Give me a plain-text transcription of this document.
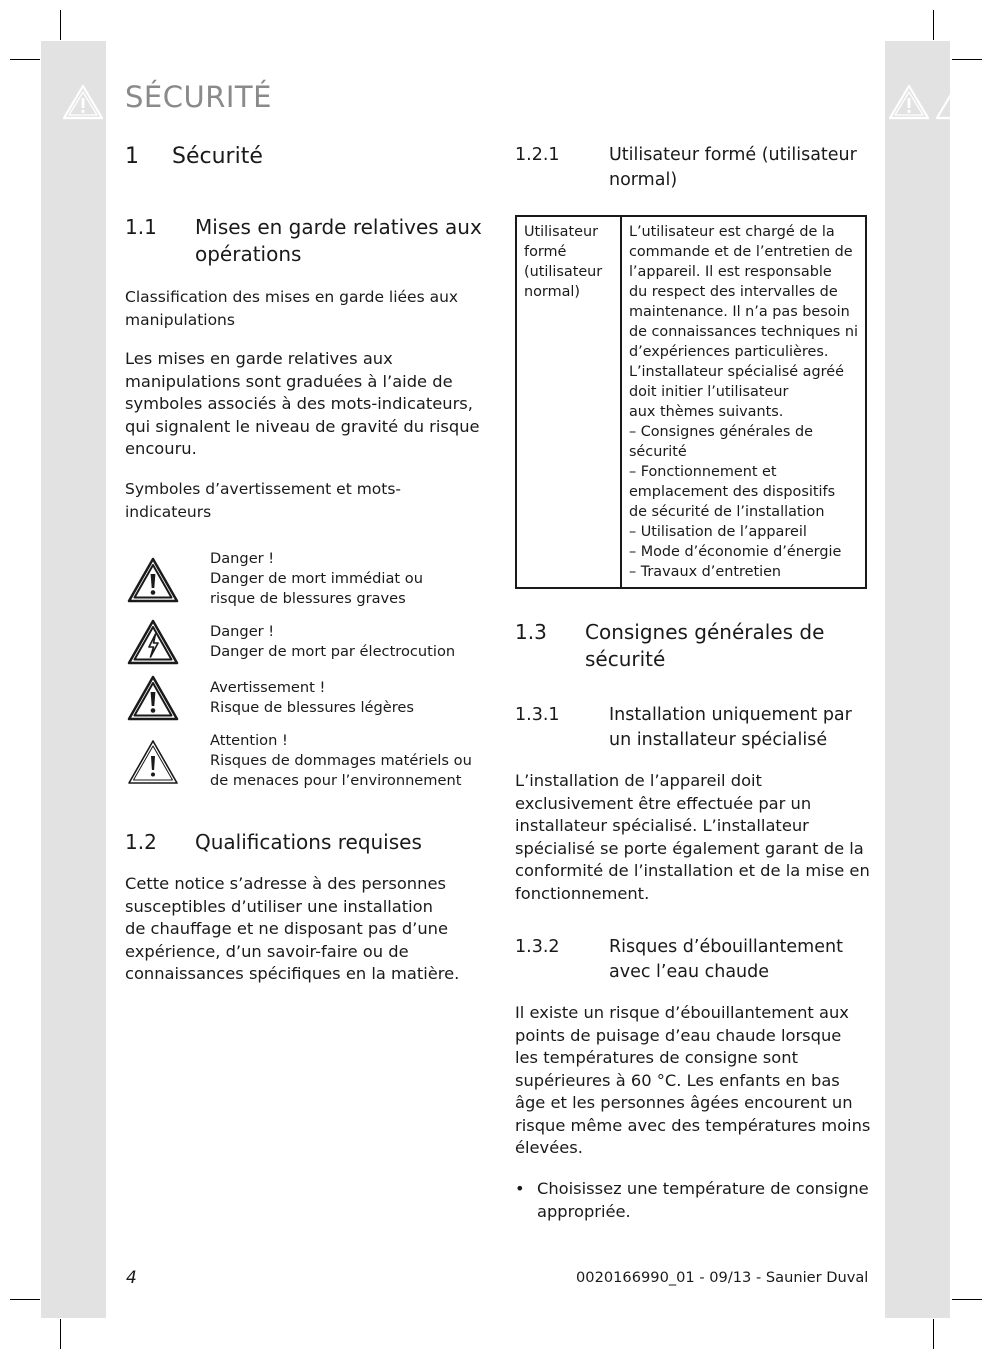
SÉCURITÉ
1 Sécurité
1.1 Mises en garde relatives aux
opérations
Classification des mises en garde liées aux
manipulations
Les mises en garde relatives aux
manipulations sont graduées à l’aide de
symboles associés à des mots-indicateurs,
qui signalent le niveau de gravité du risque
encouru.
Symboles d’avertissement et mots-
indicateurs
Danger !
Danger de mort immédiat ou
risque de blessures graves
Danger !
Danger de mort par électrocution
Avertissement !
Risque de blessures légères
Attention !
Risques de dommages matériels ou
de menaces pour l’environnement
1.2 Qualifications requises
Cette notice s’adresse à des personnes
susceptibles d’utiliser une installation
de chauffage et ne disposant pas d’une
expérience, d’un savoir-faire ou de
connaissances spécifiques en la matière.
1.2.1	Utilisateur formé (utilisateur
normal)
Utilisateur
formé
(utilisateur
normal)

L’utilisateur est chargé de la
commande et de l’entretien de
l’appareil. Il est responsable
du respect des intervalles de
maintenance. Il n’a pas besoin
de connaissances techniques ni
d’expériences particulières.
L’installateur spécialisé agréé
doit initier l’utilisateur
aux thèmes suivants.
– Consignes générales de
sécurité
– Fonctionnement et
emplacement des dispositifs
de sécurité de l’installation
– Utilisation de l’appareil
– Mode d’économie d’énergie
– Travaux d’entretien
1.3 Consignes générales de
sécurité
1.3.1	Installation uniquement par
un installateur spécialisé
L’installation de l’appareil doit
exclusivement être effectuée par un
installateur spécialisé. L’installateur
spécialisé se porte également garant de la
conformité de l’installation et de la mise en
fonctionnement.
1.3.2	Risques d’ébouillantement
avec l’eau chaude
Il existe un risque d’ébouillantement aux
points de puisage d’eau chaude lorsque
les températures de consigne sont
supérieures à 60 °C. Les enfants en bas
âge et les personnes âgées encourent un
risque même avec des températures moins
élevées.
• Choisissez une température de consigne
appropriée.
4	0020166990_01 - 09/13 - Saunier Duval
